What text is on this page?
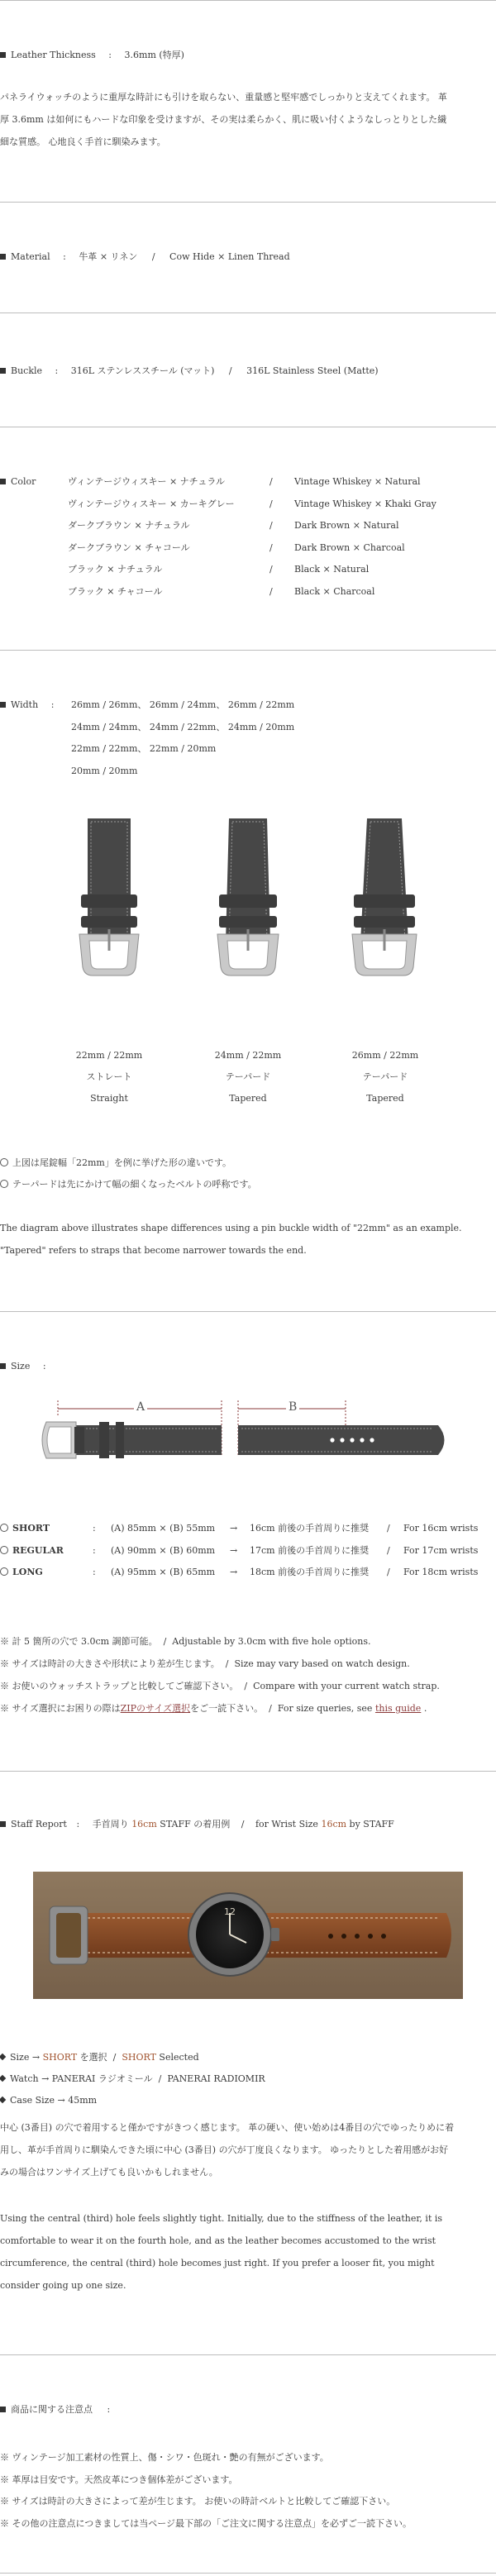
Leather Thickness : 3.6mm (特厚)
パネライウォッチのように重厚な時計にも引けを取らない、重量感と堅牢感でしっかりと支えてくれます。 革
厚 3.6mm は如何にもハードな印象を受けますが、その実は柔らかく、肌に吸い付くようなしっとりとした繊
細な質感。 心地良く手首に馴染みます。
Material : 牛革 × リネン / Cow Hide × Linen Thread
Buckle : 316L ステンレススチール (マット) / 316L Stainless Steel (Matte)
Color	ヴィンテージウィスキー × ナチュラル
ヴィンテージウィスキー × カーキグレー
ダークブラウン × ナチュラル
ダークブラウン × チャコール
ブラック × ナチュラル
ブラック × チャコール
/
/
/
/
/
/
Vintage Whiskey × Natural
Vintage Whiskey × Khaki Gray
Dark Brown × Natural
Dark Brown × Charcoal
Black × Natural
Black × Charcoal
Width : 26mm / 26mm、 26mm / 24mm、 26mm / 22mm
24mm / 24mm、 24mm / 22mm、 24mm / 20mm
22mm / 22mm、 22mm / 20mm
20mm / 20mm
22mm / 22mm
ストレート
Straight
24mm / 22mm
テーパード
Tapered
26mm / 22mm
テーパード
Tapered
上図は尾錠幅「22mm」を例に挙げた形の違いです。
テーパードは先にかけて幅の細くなったベルトの呼称です。
The diagram above illustrates shape differences using a pin buckle width of "22mm" as an example.
"Tapered" refers to straps that become narrower towards the end.
Size :
A	B
SHORT
REGULAR
LONG
:
:
:
(A) 85mm × (B) 55mm
(A) 90mm × (B) 60mm
(A) 95mm × (B) 65mm
→
→
→
16cm 前後の手首周りに推奨
17cm 前後の手首周りに推奨
18cm 前後の手首周りに推奨
/
/
/
For 16cm wrists
For 17cm wrists
For 18cm wrists
※ 計 5 箇所の穴で 3.0cm 調節可能。  /  Adjustable by 3.0cm with five hole options.
※ サイズは時計の大きさや形状により差が生じます。  /  Size may vary based on watch design.
※ お使いのウォッチストラップと比較してご確認下さい。  /  Compare with your current watch strap.
※ サイズ選択にお困りの際はZIPのサイズ選択をご一読下さい。  /  For size queries, see this guide .
Staff Report : 手首周り 16cm STAFF の着用例 / for Wrist Size 16cm by STAFF
12
Size → SHORT を選択  /  SHORT Selected
Watch → PANERAI ラジオミール  /  PANERAI RADIOMIR
Case Size → 45mm
中心 (3番目) の穴で着用すると僅かですがきつく感じます。 革の硬い、使い始めは4番目の穴でゆったりめに着
用し、革が手首周りに馴染んできた頃に中心 (3番目) の穴が丁度良くなります。 ゆったりとした着用感がお好
みの場合はワンサイズ上げても良いかもしれません。
Using the central (third) hole feels slightly tight. Initially, due to the stiffness of the leather, it is
comfortable to wear it on the fourth hole, and as the leather becomes accustomed to the wrist
circumference, the central (third) hole becomes just right. If you prefer a looser fit, you might
consider going up one size.
商品に関する注意点 :
※ ヴィンテージ加工素材の性質上、傷・シワ・色斑れ・艶の有無がございます。
※ 革厚は目安です。天然皮革につき個体差がございます。
※ サイズは時計の大きさによって差が生じます。 お使いの時計ベルトと比較してご確認下さい。
※ その他の注意点につきましては当ページ最下部の「ご注文に関する注意点」を必ずご一読下さい。
